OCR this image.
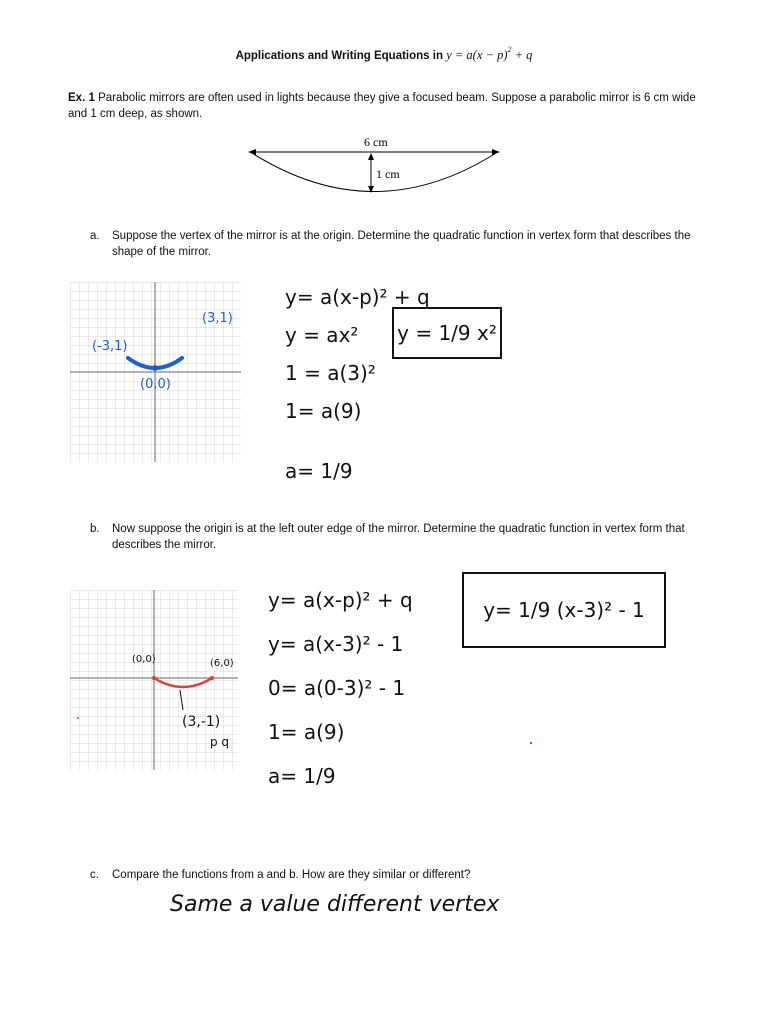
Applications and Writing Equations in $y = a(x - p)^2 + q$
Ex. 1 Parabolic mirrors are often used in lights because they give a focused beam. Suppose a parabolic mirror is 6 cm wide and 1 cm deep, as shown.
6 cm
1 cm
a. Suppose the vertex of the mirror is at the origin. Determine the quadratic function in vertex form that describes the shape of the mirror.
(-3,1)
(3,1)
(0,0)
y= a(x-p)² + q
y = ax²
1 = a(3)²
1= a(9)
a= 1/9
y = 1/9 x²
b. Now suppose the origin is at the left outer edge of the mirror. Determine the quadratic function in vertex form that describes the mirror.
(0,0)	(6,0)
(3,-1)
p q
y= a(x-p)² + q
y= a(x-3)² - 1
0= a(0-3)² - 1
1= a(9)
a= 1/9
y= 1/9 (x-3)² - 1
c. Compare the functions from a and b. How are they similar or different?
Same a value different vertex
